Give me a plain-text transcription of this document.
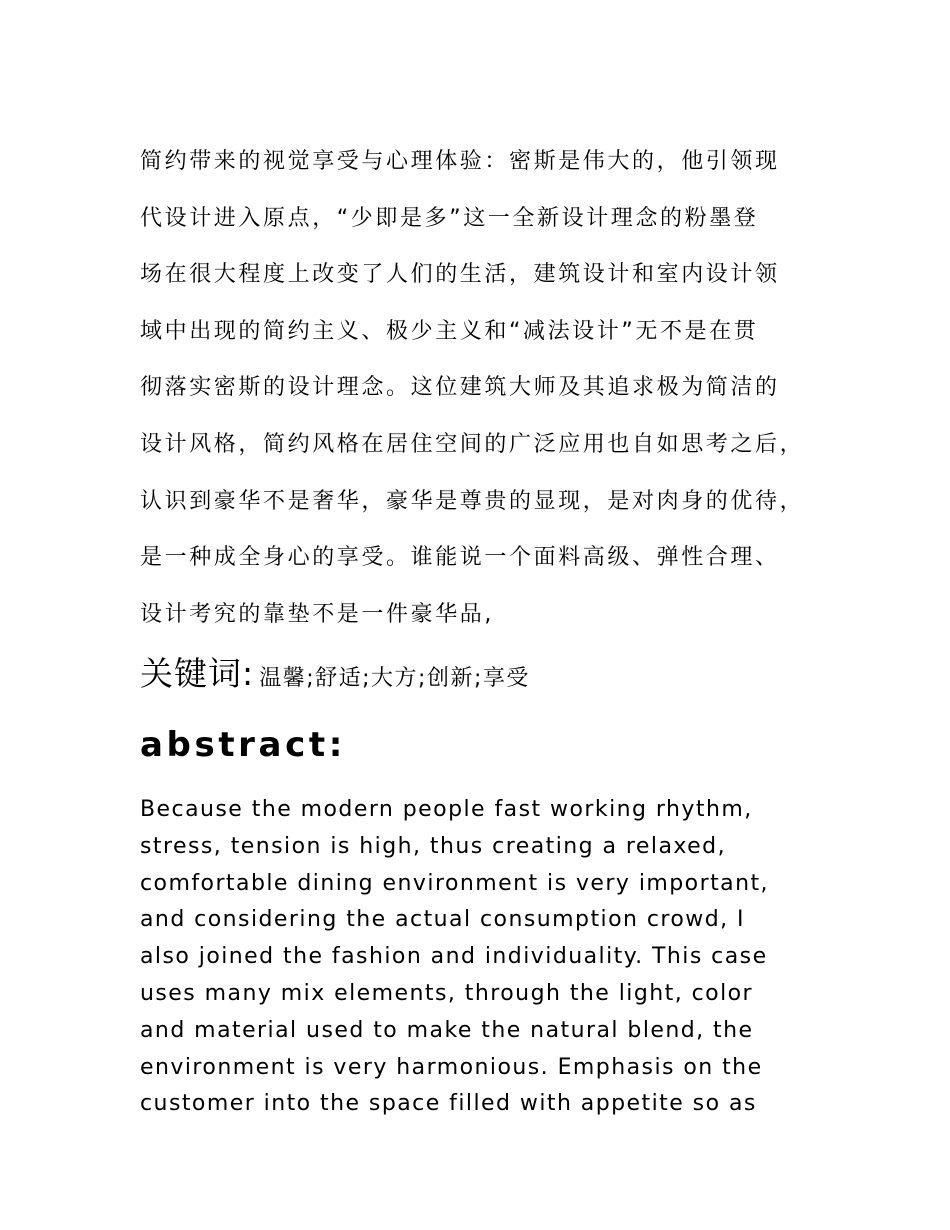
简约带来的视觉享受与心理体验：密斯是伟大的，他引领现
代设计进入原点，“少即是多”这一全新设计理念的粉墨登
场在很大程度上改变了人们的生活，建筑设计和室内设计领
域中出现的简约主义、极少主义和“减法设计”无不是在贯
彻落实密斯的设计理念。这位建筑大师及其追求极为简洁的
设计风格，简约风格在居住空间的广泛应用也自如思考之后，
认识到豪华不是奢华，豪华是尊贵的显现，是对肉身的优待，
是一种成全身心的享受。谁能说一个面料高级、弹性合理、
设计考究的靠垫不是一件豪华品,
关键词: 温馨;舒适;大方;创新;享受
abstract:
Because the modern people fast working rhythm,
stress, tension is high, thus creating a relaxed,
comfortable dining environment is very important,
and considering the actual consumption crowd, I
also joined the fashion and individuality. This case
uses many mix elements, through the light, color
and material used to make the natural blend, the
environment is very harmonious. Emphasis on the
customer into the space filled with appetite so as
